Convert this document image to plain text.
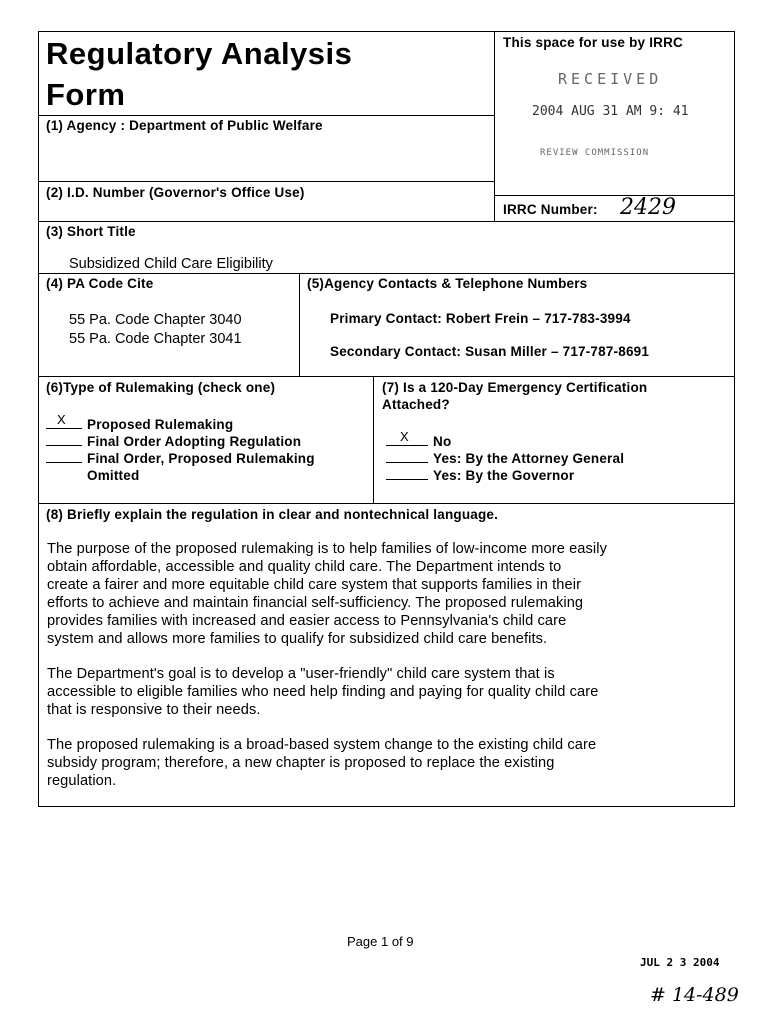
Regulatory Analysis
Form
This space for use by IRRC
RECEIVED
2004 AUG 31 AM 9: 41
REVIEW COMMISSION
(1) Agency : Department of Public Welfare
(2) I.D. Number (Governor's Office Use)
IRRC Number: 2429
(3) Short Title
Subsidized Child Care Eligibility
(4) PA Code Cite
55 Pa. Code Chapter 3040
55 Pa. Code Chapter 3041
(5)Agency Contacts & Telephone Numbers
Primary Contact: Robert Frein – 717-783-3994
Secondary Contact: Susan Miller – 717-787-8691
(6)Type of Rulemaking (check one)
X Proposed Rulemaking
Final Order Adopting Regulation
Final Order, Proposed Rulemaking
Omitted
(7) Is a 120-Day Emergency Certification
Attached?
X No
Yes: By the Attorney General
Yes: By the Governor
(8) Briefly explain the regulation in clear and nontechnical language.
The purpose of the proposed rulemaking is to help families of low-income more easily
obtain affordable, accessible and quality child care. The Department intends to
create a fairer and more equitable child care system that supports families in their
efforts to achieve and maintain financial self-sufficiency. The proposed rulemaking
provides families with increased and easier access to Pennsylvania's child care
system and allows more families to qualify for subsidized child care benefits.
The Department's goal is to develop a "user-friendly" child care system that is
accessible to eligible families who need help finding and paying for quality child care
that is responsive to their needs.
The proposed rulemaking is a broad-based system change to the existing child care
subsidy program; therefore, a new chapter is proposed to replace the existing
regulation.
Page 1 of 9
JUL 2 3 2004
# 14-489
